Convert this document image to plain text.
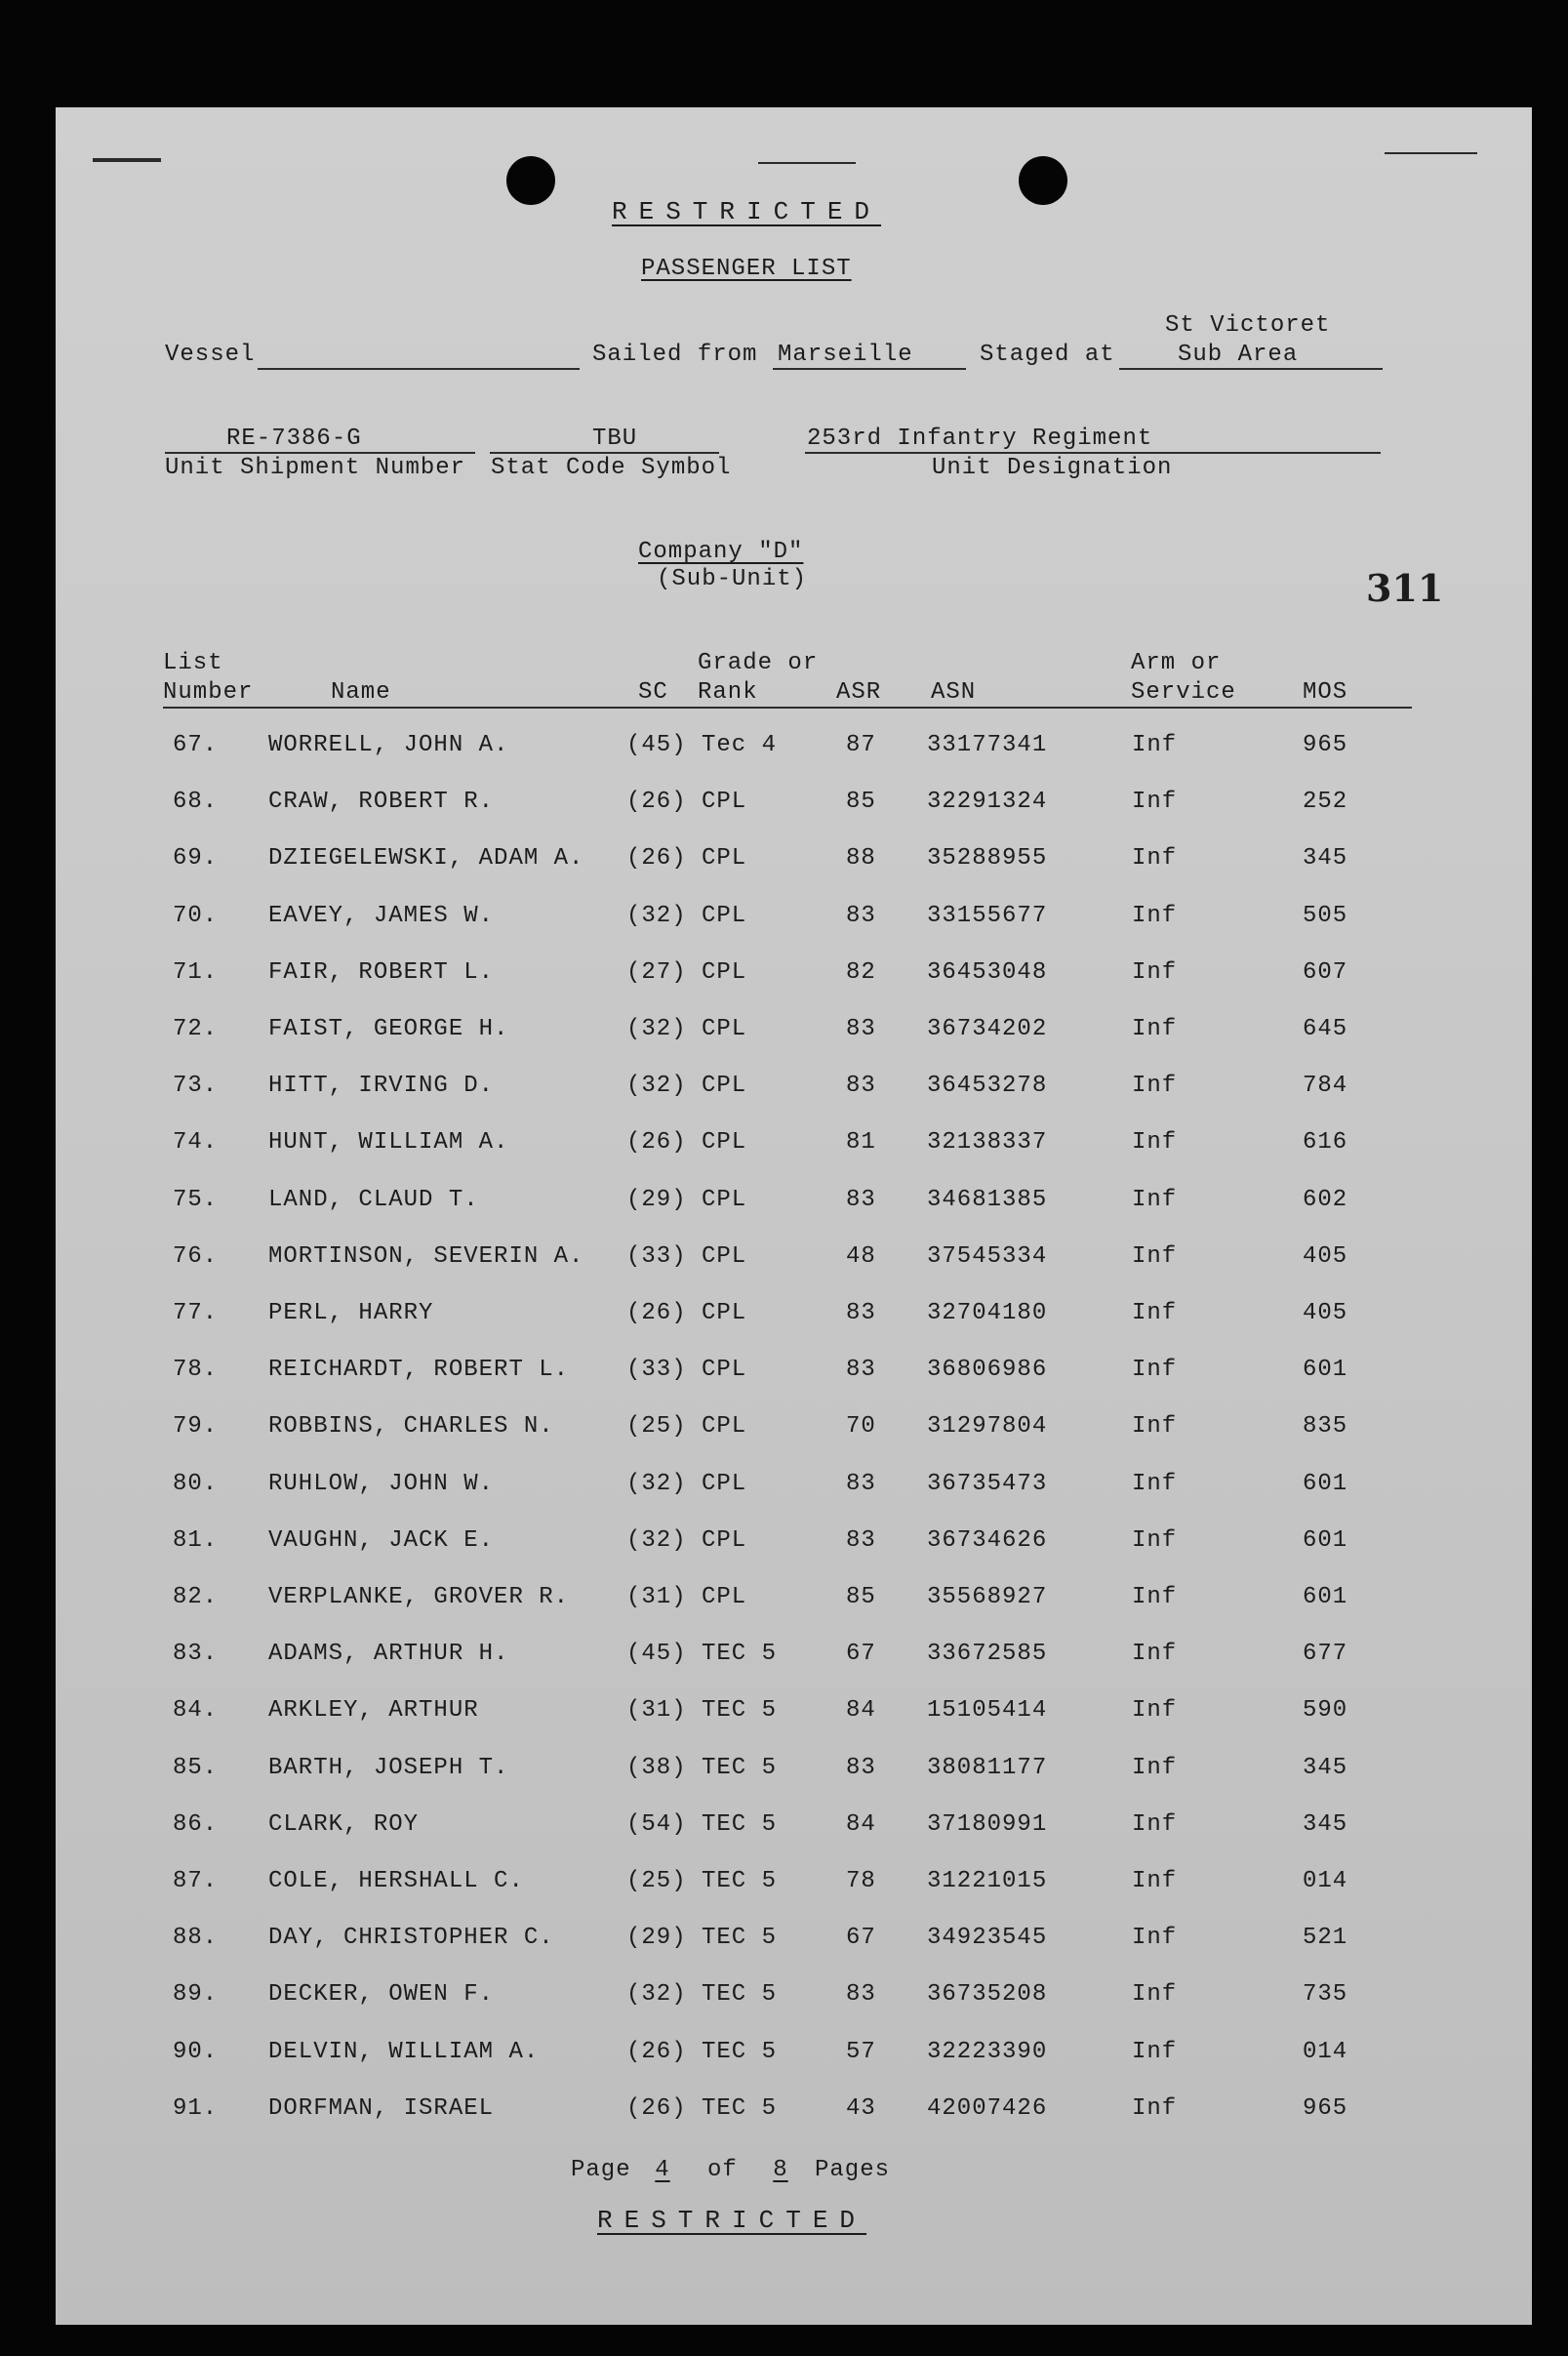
RESTRICTED
PASSENGER LIST
Vessel	Sailed from Marseille	Staged at
St Victoret
Sub Area
RE-7386-G
Unit Shipment Number
TBU
Stat Code Symbol
253rd Infantry Regiment
Unit Designation
Company "D"
(Sub-Unit)	311
List
Number	Name	SC
Grade or
Rank	ASR ASN
Arm or
Service	MOS
67. WORRELL, JOHN A.	(45) Tec 4	87 33177341	Inf	965
68. CRAW, ROBERT R.	(26) CPL	85 32291324	Inf	252
69. DZIEGELEWSKI, ADAM A. (26) CPL	88 35288955	Inf	345
70. EAVEY, JAMES W.	(32) CPL	83 33155677	Inf	505
71. FAIR, ROBERT L.	(27) CPL	82 36453048	Inf	607
72. FAIST, GEORGE H.	(32) CPL	83 36734202	Inf	645
73. HITT, IRVING D.	(32) CPL	83 36453278	Inf	784
74. HUNT, WILLIAM A.	(26) CPL	81 32138337	Inf	616
75. LAND, CLAUD T.	(29) CPL	83 34681385	Inf	602
76. MORTINSON, SEVERIN A. (33) CPL	48 37545334	Inf	405
77. PERL, HARRY	(26) CPL	83 32704180	Inf	405
78. REICHARDT, ROBERT L. (33) CPL	83 36806986	Inf	601
79. ROBBINS, CHARLES N.	(25) CPL	70 31297804	Inf	835
80. RUHLOW, JOHN W.	(32) CPL	83 36735473	Inf	601
81. VAUGHN, JACK E.	(32) CPL	83 36734626	Inf	601
82. VERPLANKE, GROVER R. (31) CPL	85 35568927	Inf	601
83. ADAMS, ARTHUR H.	(45) TEC 5	67 33672585	Inf	677
84. ARKLEY, ARTHUR	(31) TEC 5	84 15105414	Inf	590
85. BARTH, JOSEPH T.	(38) TEC 5	83 38081177	Inf	345
86. CLARK, ROY	(54) TEC 5	84 37180991	Inf	345
87. COLE, HERSHALL C.	(25) TEC 5	78 31221015	Inf	014
88. DAY, CHRISTOPHER C.	(29) TEC 5	67 34923545	Inf	521
89. DECKER, OWEN F.	(32) TEC 5	83 36735208	Inf	735
90. DELVIN, WILLIAM A.	(26) TEC 5	57 32223390	Inf	014
91. DORFMAN, ISRAEL	(26) TEC 5	43 42007426	Inf	965
Page	4	of	8	Pages
RESTRICTED
